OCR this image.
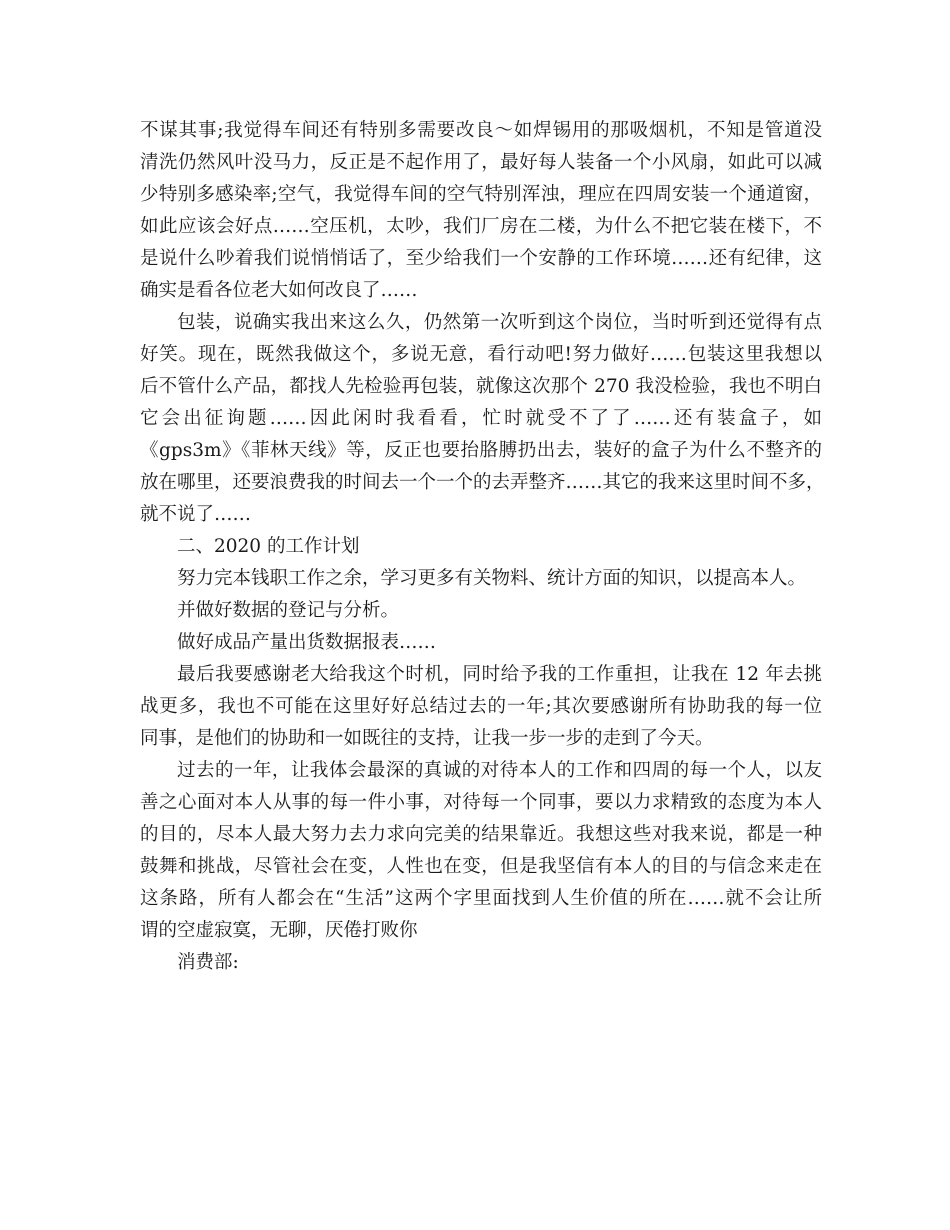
不谋其事;我觉得车间还有特别多需要改良～如焊锡用的那吸烟机，不知是管道没
清洗仍然风叶没马力，反正是不起作用了，最好每人装备一个小风扇，如此可以减
少特别多感染率;空气，我觉得车间的空气特别浑浊，理应在四周安装一个通道窗，
如此应该会好点……空压机，太吵，我们厂房在二楼，为什么不把它装在楼下，不
是说什么吵着我们说悄悄话了，至少给我们一个安静的工作环境……还有纪律，这
确实是看各位老大如何改良了……
包装，说确实我出来这么久，仍然第一次听到这个岗位，当时听到还觉得有点
好笑。现在，既然我做这个，多说无意，看行动吧!努力做好……包装这里我想以
后不管什么产品，都找人先检验再包装，就像这次那个 270 我没检验，我也不明白
它会出征询题……因此闲时我看看，忙时就受不了了……还有装盒子，如
《gps3m》《菲林天线》等，反正也要抬胳膊扔出去，装好的盒子为什么不整齐的
放在哪里，还要浪费我的时间去一个一个的去弄整齐……其它的我来这里时间不多，
就不说了……
二、2020 的工作计划
努力完本钱职工作之余，学习更多有关物料、统计方面的知识，以提高本人。
并做好数据的登记与分析。
做好成品产量出货数据报表……
最后我要感谢老大给我这个时机，同时给予我的工作重担，让我在 12 年去挑
战更多，我也不可能在这里好好总结过去的一年;其次要感谢所有协助我的每一位
同事，是他们的协助和一如既往的支持，让我一步一步的走到了今天。
过去的一年，让我体会最深的真诚的对待本人的工作和四周的每一个人，以友
善之心面对本人从事的每一件小事，对待每一个同事，要以力求精致的态度为本人
的目的，尽本人最大努力去力求向完美的结果靠近。我想这些对我来说，都是一种
鼓舞和挑战，尽管社会在变，人性也在变，但是我坚信有本人的目的与信念来走在
这条路，所有人都会在“生活”这两个字里面找到人生价值的所在……就不会让所
谓的空虚寂寞，无聊，厌倦打败你
消费部:
